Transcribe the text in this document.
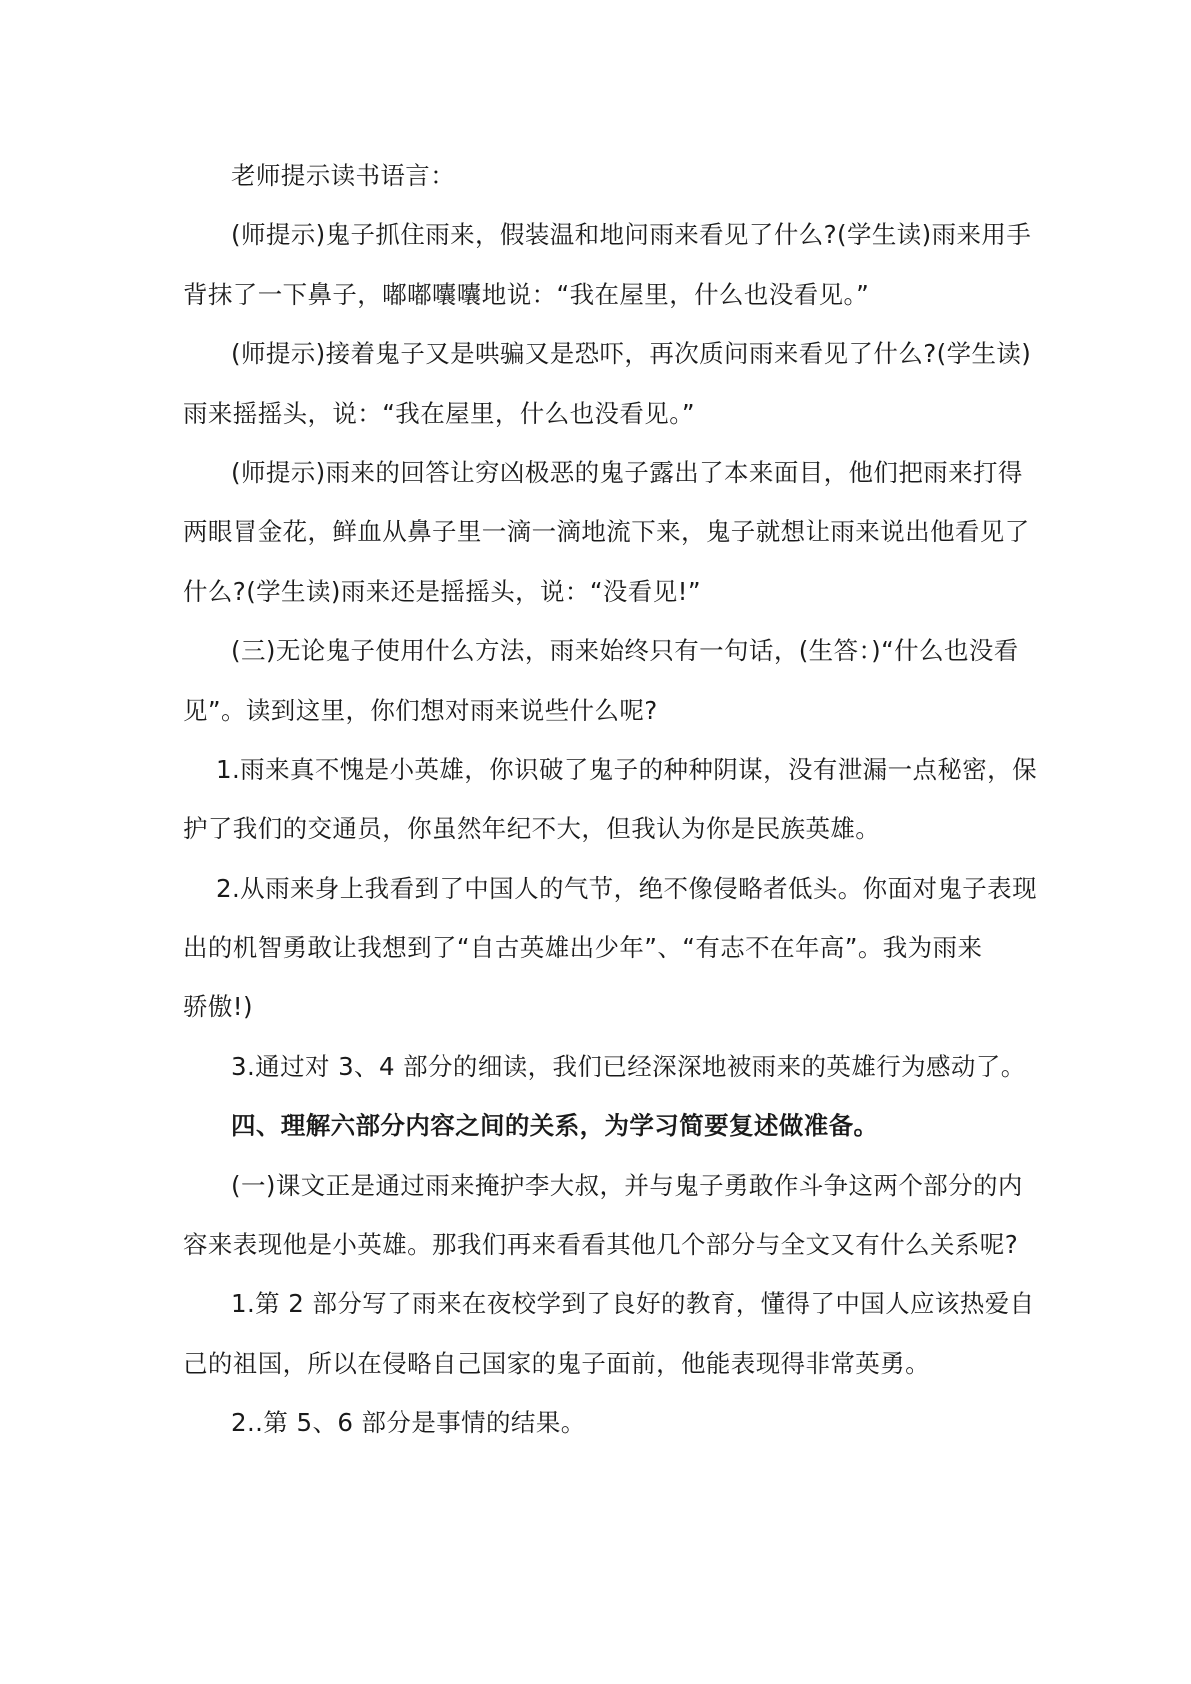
老师提示读书语言：
(师提示)鬼子抓住雨来，假装温和地问雨来看见了什么?(学生读)雨来用手
背抹了一下鼻子，嘟嘟囔囔地说：“我在屋里，什么也没看见。”
(师提示)接着鬼子又是哄骗又是恐吓，再次质问雨来看见了什么?(学生读)
雨来摇摇头，说：“我在屋里，什么也没看见。”
(师提示)雨来的回答让穷凶极恶的鬼子露出了本来面目，他们把雨来打得
两眼冒金花，鲜血从鼻子里一滴一滴地流下来，鬼子就想让雨来说出他看见了
什么?(学生读)雨来还是摇摇头，说：“没看见!”
(三)无论鬼子使用什么方法，雨来始终只有一句话，(生答：)“什么也没看
见”。读到这里，你们想对雨来说些什么呢?
1.雨来真不愧是小英雄，你识破了鬼子的种种阴谋，没有泄漏一点秘密，保
护了我们的交通员，你虽然年纪不大，但我认为你是民族英雄。
2.从雨来身上我看到了中国人的气节，绝不像侵略者低头。你面对鬼子表现
出的机智勇敢让我想到了“自古英雄出少年”、“有志不在年高”。我为雨来
骄傲!)
3.通过对 3、4 部分的细读，我们已经深深地被雨来的英雄行为感动了。
四、理解六部分内容之间的关系，为学习简要复述做准备。
(一)课文正是通过雨来掩护李大叔，并与鬼子勇敢作斗争这两个部分的内
容来表现他是小英雄。那我们再来看看其他几个部分与全文又有什么关系呢?
1.第 2 部分写了雨来在夜校学到了良好的教育，懂得了中国人应该热爱自
己的祖国，所以在侵略自己国家的鬼子面前，他能表现得非常英勇。
2..第 5、6 部分是事情的结果。
